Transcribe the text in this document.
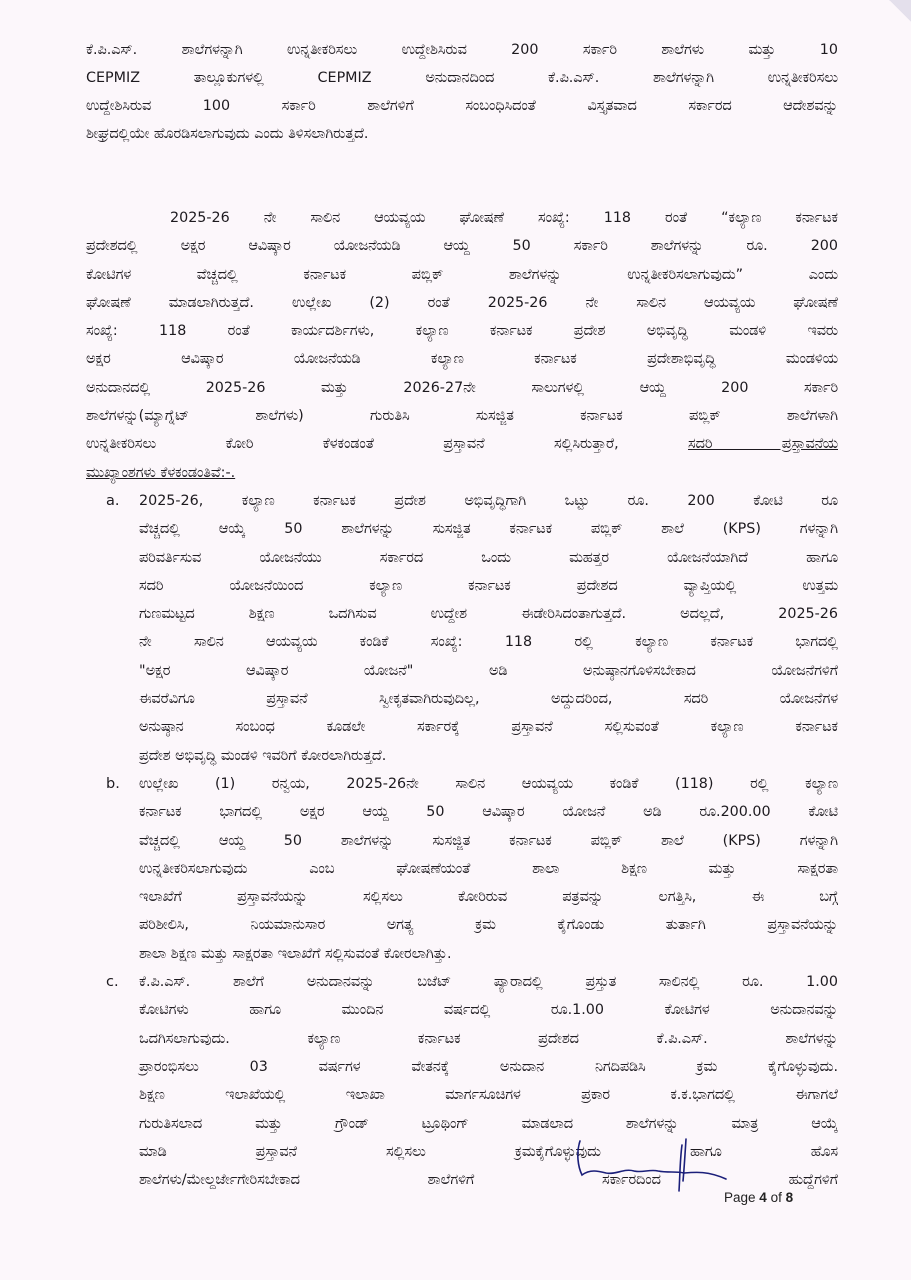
ಕೆ.ಪಿ.ಎಸ್. ಶಾಲೆಗಳನ್ನಾಗಿ ಉನ್ನತೀಕರಿಸಲು ಉದ್ದೇಶಿಸಿರುವ 200 ಸರ್ಕಾರಿ ಶಾಲೆಗಳು ಮತ್ತು 10
CEPMIZ ತಾಲ್ಲೂಕುಗಳಲ್ಲಿ CEPMIZ ಅನುದಾನದಿಂದ ಕೆ.ಪಿ.ಎಸ್. ಶಾಲೆಗಳನ್ನಾಗಿ ಉನ್ನತೀಕರಿಸಲು
ಉದ್ದೇಶಿಸಿರುವ 100 ಸರ್ಕಾರಿ ಶಾಲೆಗಳಿಗೆ ಸಂಬಂಧಿಸಿದಂತೆ ವಿಸ್ತೃತವಾದ ಸರ್ಕಾರದ ಆದೇಶವನ್ನು
ಶೀಘ್ರದಲ್ಲಿಯೇ ಹೊರಡಿಸಲಾಗುವುದು ಎಂದು ತಿಳಿಸಲಾಗಿರುತ್ತದೆ.
2025-26 ನೇ ಸಾಲಿನ ಆಯವ್ಯಯ ಘೋಷಣೆ ಸಂಖ್ಯೆ: 118 ರಂತೆ “ಕಲ್ಯಾಣ ಕರ್ನಾಟಕ
ಪ್ರದೇಶದಲ್ಲಿ ಅಕ್ಷರ ಆವಿಷ್ಕಾರ ಯೋಜನೆಯಡಿ ಆಯ್ದ 50 ಸರ್ಕಾರಿ ಶಾಲೆಗಳನ್ನು ರೂ. 200
ಕೋಟಿಗಳ ವೆಚ್ಚದಲ್ಲಿ ಕರ್ನಾಟಕ ಪಬ್ಲಿಕ್ ಶಾಲೆಗಳನ್ನು ಉನ್ನತೀಕರಿಸಲಾಗುವುದು” ಎಂದು
ಘೋಷಣೆ ಮಾಡಲಾಗಿರುತ್ತದೆ. ಉಲ್ಲೇಖ (2) ರಂತೆ 2025-26 ನೇ ಸಾಲಿನ ಆಯವ್ಯಯ ಘೋಷಣೆ
ಸಂಖ್ಯೆ: 118 ರಂತೆ ಕಾರ್ಯದರ್ಶಿಗಳು, ಕಲ್ಯಾಣ ಕರ್ನಾಟಕ ಪ್ರದೇಶ ಅಭಿವೃದ್ಧಿ ಮಂಡಳಿ ಇವರು
ಅಕ್ಷರ ಆವಿಷ್ಕಾರ ಯೋಜನೆಯಡಿ ಕಲ್ಯಾಣ ಕರ್ನಾಟಕ ಪ್ರದೇಶಾಭಿವೃದ್ಧಿ ಮಂಡಳಿಯ
ಅನುದಾನದಲ್ಲಿ 2025-26 ಮತ್ತು 2026-27ನೇ ಸಾಲುಗಳಲ್ಲಿ ಆಯ್ದ 200 ಸರ್ಕಾರಿ
ಶಾಲೆಗಳನ್ನು(ಮ್ಯಾಗ್ನೆಟ್ ಶಾಲೆಗಳು) ಗುರುತಿಸಿ ಸುಸಜ್ಜಿತ ಕರ್ನಾಟಕ ಪಬ್ಲಿಕ್ ಶಾಲೆಗಳಾಗಿ
ಉನ್ನತೀಕರಿಸಲು ಕೋರಿ ಕೆಳಕಂಡಂತೆ ಪ್ರಸ್ತಾವನೆ ಸಲ್ಲಿಸಿರುತ್ತಾರೆ,	ಸದರಿ ಪ್ರಸ್ತಾವನೆಯ
ಮುಖ್ಯಾಂಶಗಳು ಕೆಳಕಂಡಂತಿವೆ:-.
a.	2025-26, ಕಲ್ಯಾಣ ಕರ್ನಾಟಕ ಪ್ರದೇಶ ಅಭಿವೃದ್ಧಿಗಾಗಿ ಒಟ್ಟು ರೂ. 200 ಕೋಟಿ ರೂ
ವೆಚ್ಚದಲ್ಲಿ ಆಯ್ಕೆ 50 ಶಾಲೆಗಳನ್ನು ಸುಸಜ್ಜಿತ ಕರ್ನಾಟಕ ಪಬ್ಲಿಕ್ ಶಾಲೆ (KPS) ಗಳನ್ನಾಗಿ
ಪರಿವರ್ತಿಸುವ ಯೋಜನೆಯು ಸರ್ಕಾರದ ಒಂದು ಮಹತ್ತರ ಯೋಜನೆಯಾಗಿದೆ ಹಾಗೂ
ಸದರಿ ಯೋಜನೆಯಿಂದ ಕಲ್ಯಾಣ ಕರ್ನಾಟಕ ಪ್ರದೇಶದ ವ್ಯಾಪ್ತಿಯಲ್ಲಿ ಉತ್ತಮ
ಗುಣಮಟ್ಟದ ಶಿಕ್ಷಣ ಒದಗಿಸುವ ಉದ್ದೇಶ ಈಡೇರಿಸಿದಂತಾಗುತ್ತದೆ. ಅದಲ್ಲದೆ, 2025-26
ನೇ ಸಾಲಿನ ಆಯವ್ಯಯ ಕಂಡಿಕೆ ಸಂಖ್ಯೆ: 118 ರಲ್ಲಿ ಕಲ್ಯಾಣ ಕರ್ನಾಟಕ ಭಾಗದಲ್ಲಿ
"ಅಕ್ಷರ ಆವಿಷ್ಕಾರ ಯೋಜನೆ" ಅಡಿ ಅನುಷ್ಠಾನಗೊಳಿಸಬೇಕಾದ ಯೋಜನೆಗಳಿಗೆ
ಈವರೆವಿಗೂ ಪ್ರಸ್ತಾವನೆ ಸ್ವೀಕೃತವಾಗಿರುವುದಿಲ್ಲ, ಅದ್ದುದರಿಂದ, ಸದರಿ ಯೋಜನೆಗಳ
ಅನುಷ್ಠಾನ ಸಂಬಂಧ ಕೂಡಲೇ ಸರ್ಕಾರಕ್ಕೆ ಪ್ರಸ್ತಾವನೆ ಸಲ್ಲಿಸುವಂತೆ ಕಲ್ಯಾಣ ಕರ್ನಾಟಕ
ಪ್ರದೇಶ ಅಭಿವೃದ್ಧಿ ಮಂಡಳಿ ಇವರಿಗೆ ಕೋರಲಾಗಿರುತ್ತದೆ.
b.	ಉಲ್ಲೇಖ (1) ರನ್ವಯ, 2025-26ನೇ ಸಾಲಿನ ಆಯವ್ಯಯ ಕಂಡಿಕೆ (118) ರಲ್ಲಿ ಕಲ್ಯಾಣ
ಕರ್ನಾಟಕ ಭಾಗದಲ್ಲಿ ಅಕ್ಷರ ಆಯ್ದ 50 ಆವಿಷ್ಕಾರ ಯೋಜನೆ ಅಡಿ ರೂ.200.00 ಕೋಟಿ
ವೆಚ್ಚದಲ್ಲಿ ಆಯ್ದ 50 ಶಾಲೆಗಳನ್ನು ಸುಸಜ್ಜಿತ ಕರ್ನಾಟಕ ಪಬ್ಲಿಕ್ ಶಾಲೆ (KPS) ಗಳನ್ನಾಗಿ
ಉನ್ನತೀಕರಿಸಲಾಗುವುದು ಎಂಬ ಘೋಷಣೆಯಂತೆ ಶಾಲಾ ಶಿಕ್ಷಣ ಮತ್ತು ಸಾಕ್ಷರತಾ
ಇಲಾಖೆಗೆ ಪ್ರಸ್ತಾವನೆಯನ್ನು ಸಲ್ಲಿಸಲು ಕೋರಿರುವ ಪತ್ರವನ್ನು ಲಗತ್ತಿಸಿ, ಈ ಬಗ್ಗೆ
ಪರಿಶೀಲಿಸಿ, ನಿಯಮಾನುಸಾರ ಅಗತ್ಯ ಕ್ರಮ ಕೈಗೊಂಡು ತುರ್ತಾಗಿ ಪ್ರಸ್ತಾವನೆಯನ್ನು
ಶಾಲಾ ಶಿಕ್ಷಣ ಮತ್ತು ಸಾಕ್ಷರತಾ ಇಲಾಖೆಗೆ ಸಲ್ಲಿಸುವಂತೆ ಕೋರಲಾಗಿತ್ತು.
c.	ಕೆ.ಪಿ.ಎಸ್. ಶಾಲೆಗೆ ಅನುದಾನವನ್ನು ಬಜೆಟ್ ಪ್ಯಾರಾದಲ್ಲಿ ಪ್ರಸ್ತುತ ಸಾಲಿನಲ್ಲಿ ರೂ. 1.00
ಕೋಟಿಗಳು ಹಾಗೂ ಮುಂದಿನ ವರ್ಷದಲ್ಲಿ ರೂ.1.00 ಕೋಟಿಗಳ ಅನುದಾನವನ್ನು
ಒದಗಿಸಲಾಗುವುದು. ಕಲ್ಯಾಣ ಕರ್ನಾಟಕ ಪ್ರದೇಶದ ಕೆ.ಪಿ.ಎಸ್. ಶಾಲೆಗಳನ್ನು
ಪ್ರಾರಂಭಿಸಲು 03 ವರ್ಷಗಳ ವೇತನಕ್ಕೆ ಅನುದಾನ ನಿಗದಿಪಡಿಸಿ ಕ್ರಮ ಕೈಗೊಳ್ಳುವುದು.
ಶಿಕ್ಷಣ ಇಲಾಖೆಯಲ್ಲಿ ಇಲಾಖಾ ಮಾರ್ಗಸೂಚಿಗಳ ಪ್ರಕಾರ ಕ.ಕ.ಭಾಗದಲ್ಲಿ ಈಗಾಗಲೆ
ಗುರುತಿಸಲಾದ ಮತ್ತು ಗ್ರೌಂಡ್ ಟ್ರೂಥಿಂಗ್ ಮಾಡಲಾದ ಶಾಲೆಗಳನ್ನು ಮಾತ್ರ ಆಯ್ಕೆ
ಮಾಡಿ ಪ್ರಸ್ತಾವನೆ ಸಲ್ಲಿಸಲು ಕ್ರಮಕೈಗೊಳ್ಳುವುದು ಹಾಗೂ ಹೊಸ
ಶಾಲೆಗಳು/ಮೇಲ್ದರ್ಜೇಗೇರಿಸಬೇಕಾದ ಶಾಲೆಗಳಿಗೆ ಸರ್ಕಾರದಿಂದ ಹುದ್ದೆಗಳಿಗೆ
Page 4 of 8
